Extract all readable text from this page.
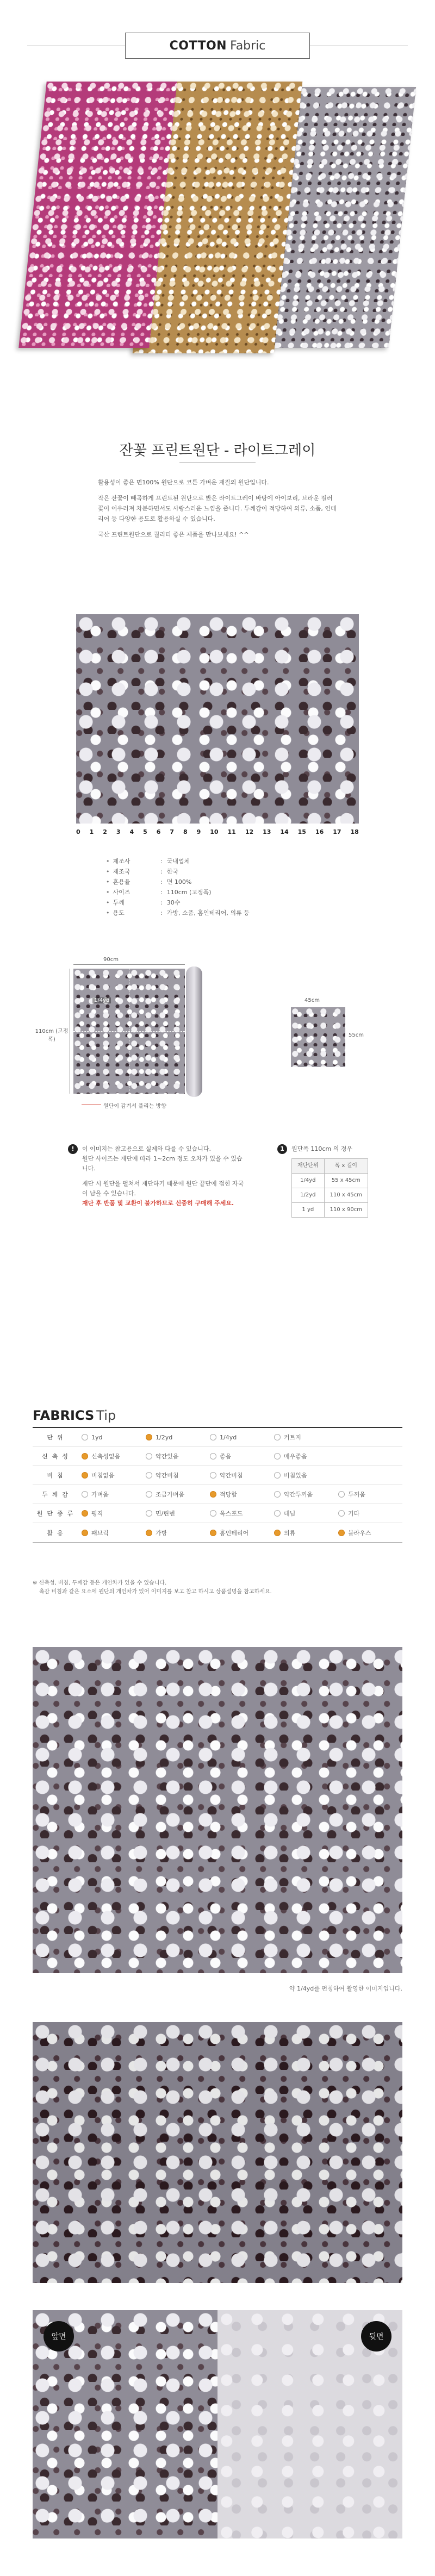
COTTON Fabric
잔꽃 프린트원단 - 라이트그레이

활용성이 좋은 면100% 원단으로 코튼 가벼운 재질의 원단입니다.

작은 잔꽃이 빼곡하게 프린트된 원단으로 밝은 라이트그레이 바탕에 아이보리, 브라운 컬러 꽃이 어우러져 차분하면서도 사랑스러운 느낌을 줍니다. 두께감이 적당하여 의류, 소품, 인테리어 등 다양한 용도로 활용하실 수 있습니다.

국산 프린트원단으로 퀄리티 좋은 제품을 만나보세요! ^^

0 1 2 3 4 5 6 7 8 9 10 11 12 13 14 15 16 17 18
• 제조사	: 국내업체
• 제조국	: 한국
• 혼용율	: 면 100%
• 사이즈	: 110cm (고정폭)
• 두께	: 30수
• 용도	: 가방, 소품, 홈인테리어, 의류 등
90cm
1/4yd
110cm (고정폭)
원단이 감겨서 풀리는 방향
45cm
55cm
! 이 이미지는 참고용으로 실제와 다를 수 있습니다.
원단 사이즈는 재단에 따라 1~2cm 정도 오차가 있을 수 있습니다.
재단 시 원단을 펼쳐서 재단하기 때문에 원단 끝단에 접힌 자국이 남을 수 있습니다.
재단 후 반품 및 교환이 불가하므로 신중히 구매해 주세요.
1 원단폭 110cm 의 경우
재단단위	폭 x 길이
1/4yd	55 x 45cm
1/2yd	110 x 45cm
1 yd	110 x 90cm
FABRICS Tip
단위	1yd	1/2yd	1/4yd	커트지
신축성	신축성없음	약간있음	좋음	매우좋음
비침	비침없음	약간비침	약간비침	비침있음
두께감	가벼움	조금가벼움	적당함	약간두꺼움	두꺼움
원단종류	평직	면/린넨	옥스포드	데님	기타
활용	패브릭	가방	홈인테리어	의류	블라우스
※ 신축성, 비침, 두께감 등은 개인차가 있을 수 있습니다.
촉감 비침과 같은 요소에 원단의 개인차가 있어 이미지를 보고 참고 하시고 상품설명을 참고하세요.
약 1/4yd를 펀칭하여 촬영한 이미지입니다.
앞면	뒷면
